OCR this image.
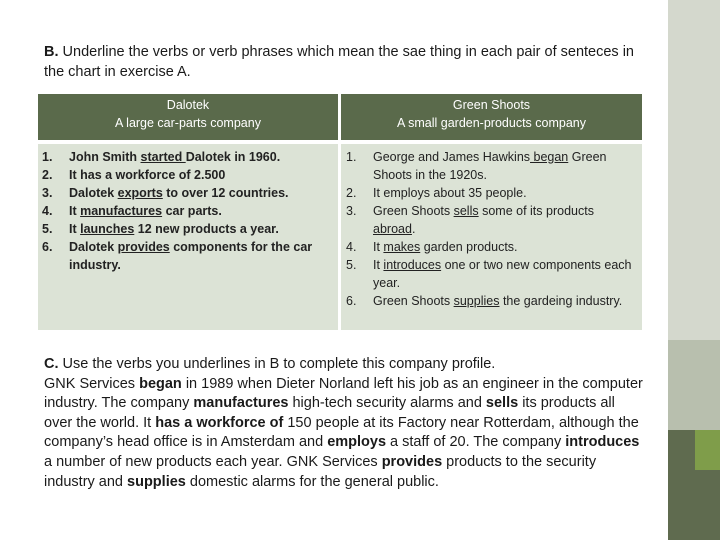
B. Underline the verbs or verb phrases which mean the sae thing in each pair of senteces in the chart in exercise A.
Dalotek
A large car-parts company
Green Shoots
A small garden-products company
1. John Smith started Dalotek in 1960.
2. It has a workforce of 2.500
3. Dalotek exports to over 12 countries.
4. It manufactures car parts.
5. It launches 12 new products a year.
6. Dalotek provides components for the car industry.
1. George and James Hawkins began Green Shoots in the 1920s.
2. It employs about 35 people.
3. Green Shoots sells some of its products abroad.
4. It makes garden products.
5. It introduces one or two new components each year.
6. Green Shoots supplies the gardeing industry.
C. Use the verbs you underlines in B to complete this company profile.
GNK Services began in 1989 when Dieter Norland left his job as an engineer in the computer industry. The company manufactures high-tech security alarms and sells its products all over the world. It has a workforce of 150 people at its Factory near Rotterdam, although the company’s head office is in Amsterdam and employs a staff of 20. The company introduces a number of new products each year. GNK Services provides products to the security industry and supplies domestic alarms for the general public.
